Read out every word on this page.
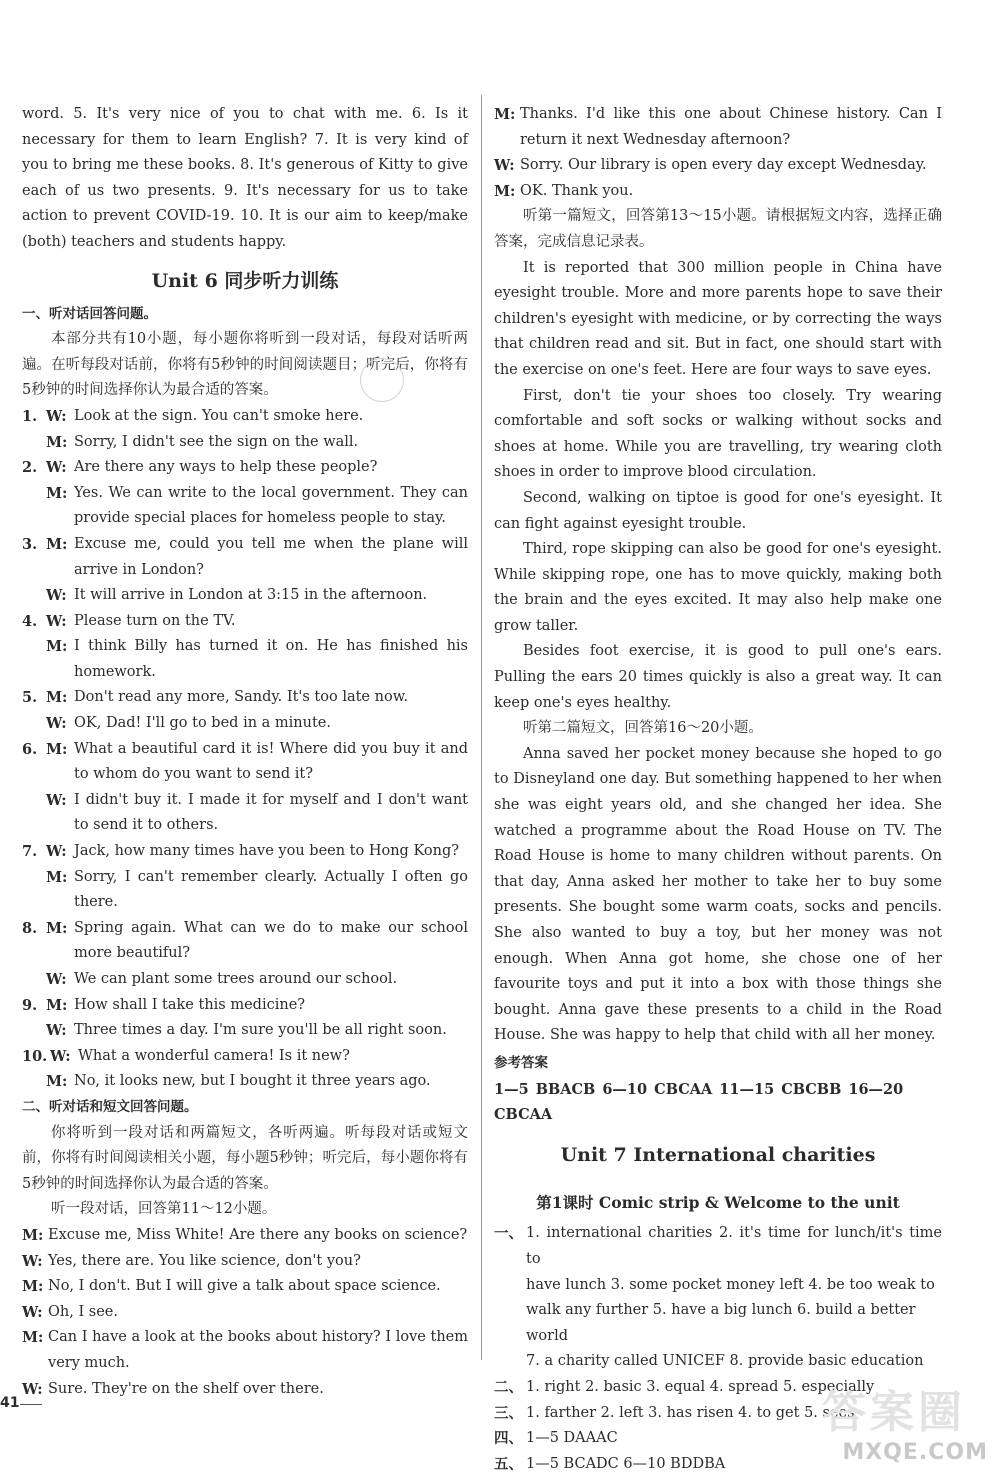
word. 5. It's very nice of you to chat with me. 6. Is it

necessary for them to learn English? 7. It is very kind of

you to bring me these books. 8. It's generous of Kitty to give

each of us two presents. 9. It's necessary for us to take

action to prevent COVID-19. 10. It is our aim to keep/make

(both) teachers and students happy.

Unit 6 同步听力训练
一、听对话回答问题。

本部分共有10小题，每小题你将听到一段对话，每段对话听两遍。在听每段对话前，你将有5秒钟的时间阅读题目；听完后，你将有5秒钟的时间选择你认为最合适的答案。

1. W: Look at the sign. You can't smoke here.
M: Sorry, I didn't see the sign on the wall.
2. W: Are there any ways to help these people?
M: Yes. We can write to the local government. They can provide special places for homeless people to stay.
3. M: Excuse me, could you tell me when the plane will arrive in London?
W: It will arrive in London at 3:15 in the afternoon.
4. W: Please turn on the TV.
M: I think Billy has turned it on. He has finished his homework.
5. M: Don't read any more, Sandy. It's too late now.
W: OK, Dad! I'll go to bed in a minute.
6. M: What a beautiful card it is! Where did you buy it and to whom do you want to send it?
W: I didn't buy it. I made it for myself and I don't want to send it to others.
7. W: Jack, how many times have you been to Hong Kong?
M: Sorry, I can't remember clearly. Actually I often go there.
8. M: Spring again. What can we do to make our school more beautiful?
W: We can plant some trees around our school.
9. M: How shall I take this medicine?
W: Three times a day. I'm sure you'll be all right soon.
10. W: What a wonderful camera! Is it new?
M: No, it looks new, but I bought it three years ago.
二、听对话和短文回答问题。

你将听到一段对话和两篇短文，各听两遍。听每段对话或短文前，你将有时间阅读相关小题，每小题5秒钟；听完后，每小题你将有5秒钟的时间选择你认为最合适的答案。

听一段对话，回答第11～12小题。

M: Excuse me, Miss White! Are there any books on science?
W: Yes, there are. You like science, don't you?
M: No, I don't. But I will give a talk about space science.
W: Oh, I see.
M: Can I have a look at the books about history? I love them very much.
W: Sure. They're on the shelf over there.
M: Thanks. I'd like this one about Chinese history. Can I return it next Wednesday afternoon?
W: Sorry. Our library is open every day except Wednesday.
M: OK. Thank you.

听第一篇短文，回答第13～15小题。请根据短文内容，选择正确答案，完成信息记录表。

It is reported that 300 million people in China have eyesight trouble. More and more parents hope to save their children's eyesight with medicine, or by correcting the ways that children read and sit. But in fact, one should start with the exercise on one's feet. Here are four ways to save eyes.

First, don't tie your shoes too closely. Try wearing comfortable and soft socks or walking without socks and shoes at home. While you are travelling, try wearing cloth shoes in order to improve blood circulation.

Second, walking on tiptoe is good for one's eyesight. It can fight against eyesight trouble.

Third, rope skipping can also be good for one's eyesight. While skipping rope, one has to move quickly, making both the brain and the eyes excited. It may also help make one grow taller.

Besides foot exercise, it is good to pull one's ears. Pulling the ears 20 times quickly is also a great way. It can keep one's eyes healthy.

听第二篇短文，回答第16～20小题。

Anna saved her pocket money because she hoped to go to Disneyland one day. But something happened to her when she was eight years old, and she changed her idea. She watched a programme about the Road House on TV. The Road House is home to many children without parents. On that day, Anna asked her mother to take her to buy some presents. She bought some warm coats, socks and pencils. She also wanted to buy a toy, but her money was not enough. When Anna got home, she chose one of her favourite toys and put it into a box with those things she bought. Anna gave these presents to a child in the Road House. She was happy to help that child with all her money.

参考答案
1—5 BBACB 6—10 CBCAA 11—15 CBCBB 16—20 CBCAA
Unit 7 International charities
第1课时 Comic strip & Welcome to the unit
一、 1. international charities 2. it's time for lunch/it's time to
have lunch 3. some pocket money left 4. be too weak to
walk any further 5. have a big lunch 6. build a better world
7. a charity called UNICEF 8. provide basic education
二、 1. right 2. basic 3. equal 4. spread 5. especially
三、 1. farther 2. left 3. has risen 4. to get 5. sees
四、 1—5 DAAAC
五、 1—5 BCADC 6—10 BDDBA
41	答案圈
MXQE.COM
